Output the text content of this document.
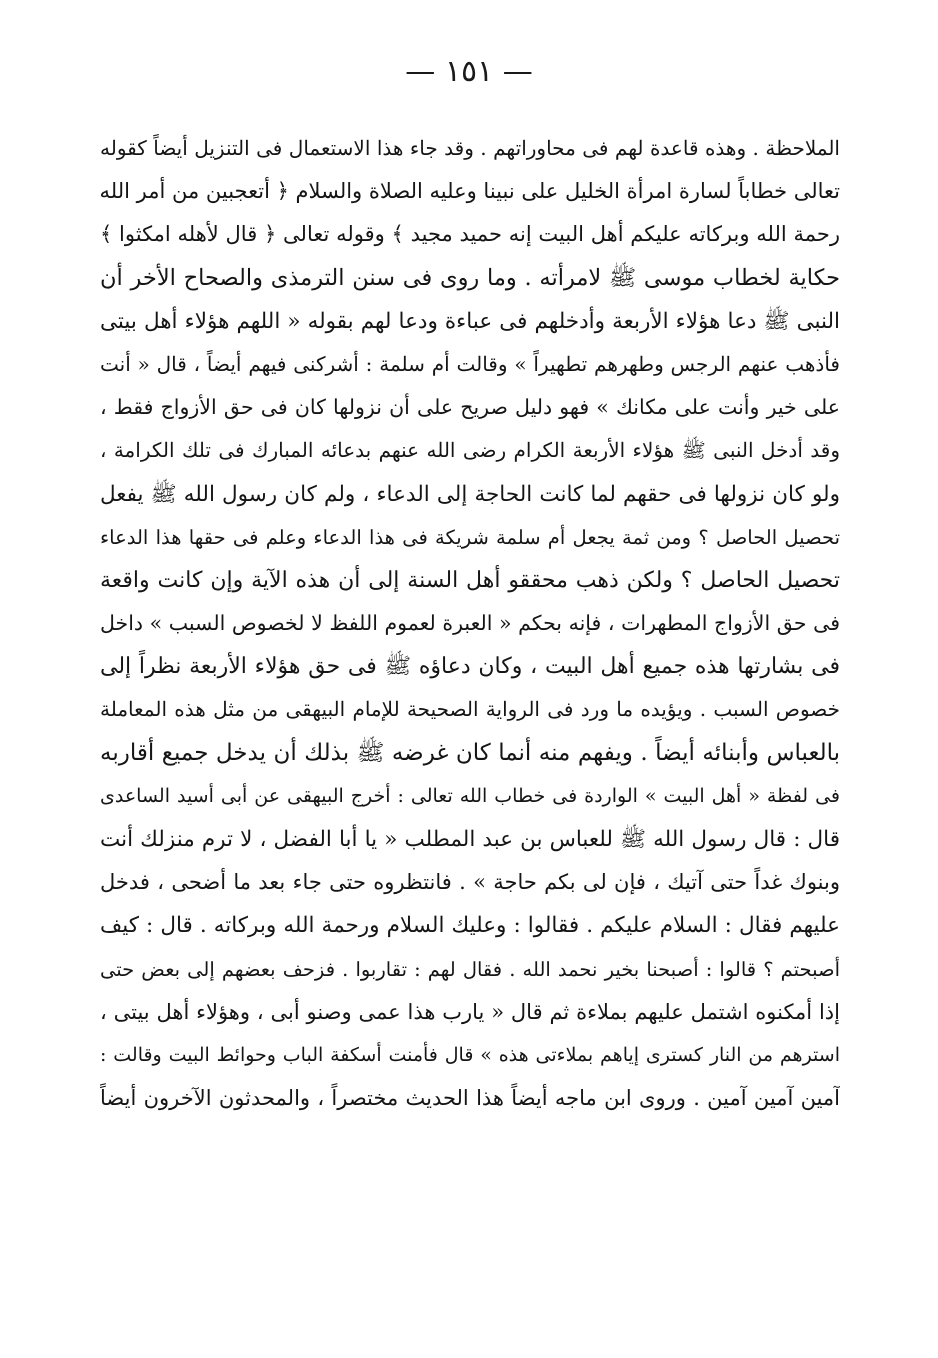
— ١٥١ —
الملاحظة . وهذه قاعدة لهم فى محاوراتهم . وقد جاء هذا الاستعمال فى التنزيل أيضاً كقوله
تعالى خطاباً لسارة امرأة الخليل على نبينا وعليه الصلاة والسلام ﴿ أتعجبين من أمر الله
رحمة الله وبركاته عليكم أهل البيت إنه حميد مجيد ﴾ وقوله تعالى ﴿ قال لأهله امكثوا ﴾
حكاية لخطاب موسى ﷺ لامرأته . وما روى فى سنن الترمذى والصحاح الأخر أن
النبى ﷺ دعا هؤلاء الأربعة وأدخلهم فى عباءة ودعا لهم بقوله « اللهم هؤلاء أهل بيتى
فأذهب عنهم الرجس وطهرهم تطهيراً » وقالت أم سلمة : أشركنى فيهم أيضاً ، قال « أنت
على خير وأنت على مكانك » فهو دليل صريح على أن نزولها كان فى حق الأزواج فقط ،
وقد أدخل النبى ﷺ هؤلاء الأربعة الكرام رضى الله عنهم بدعائه المبارك فى تلك الكرامة ،
ولو كان نزولها فى حقهم لما كانت الحاجة إلى الدعاء ، ولم كان رسول الله ﷺ يفعل
تحصيل الحاصل ؟ ومن ثمة يجعل أم سلمة شريكة فى هذا الدعاء وعلم فى حقها هذا الدعاء
تحصيل الحاصل ؟ ولكن ذهب محققو أهل السنة إلى أن هذه الآية وإن كانت واقعة
فى حق الأزواج المطهرات ، فإنه بحكم « العبرة لعموم اللفظ لا لخصوص السبب » داخل
فى بشارتها هذه جميع أهل البيت ، وكان دعاؤه ﷺ فى حق هؤلاء الأربعة نظراً إلى
خصوص السبب . ويؤيده ما ورد فى الرواية الصحيحة للإمام البيهقى من مثل هذه المعاملة
بالعباس وأبنائه أيضاً . ويفهم منه أنما كان غرضه ﷺ بذلك أن يدخل جميع أقاربه
فى لفظة « أهل البيت » الواردة فى خطاب الله تعالى : أخرج البيهقى عن أبى أسيد الساعدى
قال : قال رسول الله ﷺ للعباس بن عبد المطلب « يا أبا الفضل ، لا ترم منزلك أنت
وبنوك غداً حتى آتيك ، فإن لى بكم حاجة » . فانتظروه حتى جاء بعد ما أضحى ، فدخل
عليهم فقال : السلام عليكم . فقالوا : وعليك السلام ورحمة الله وبركاته . قال : كيف
أصبحتم ؟ قالوا : أصبحنا بخير نحمد الله . فقال لهم : تقاربوا . فزحف بعضهم إلى بعض حتى
إذا أمكنوه اشتمل عليهم بملاءة ثم قال « يارب هذا عمى وصنو أبى ، وهؤلاء أهل بيتى ،
استرهم من النار كسترى إياهم بملاءتى هذه » قال فأمنت أسكفة الباب وحوائط البيت وقالت :
آمين آمين آمين . وروى ابن ماجه أيضاً هذا الحديث مختصراً ، والمحدثون الآخرون أيضاً
